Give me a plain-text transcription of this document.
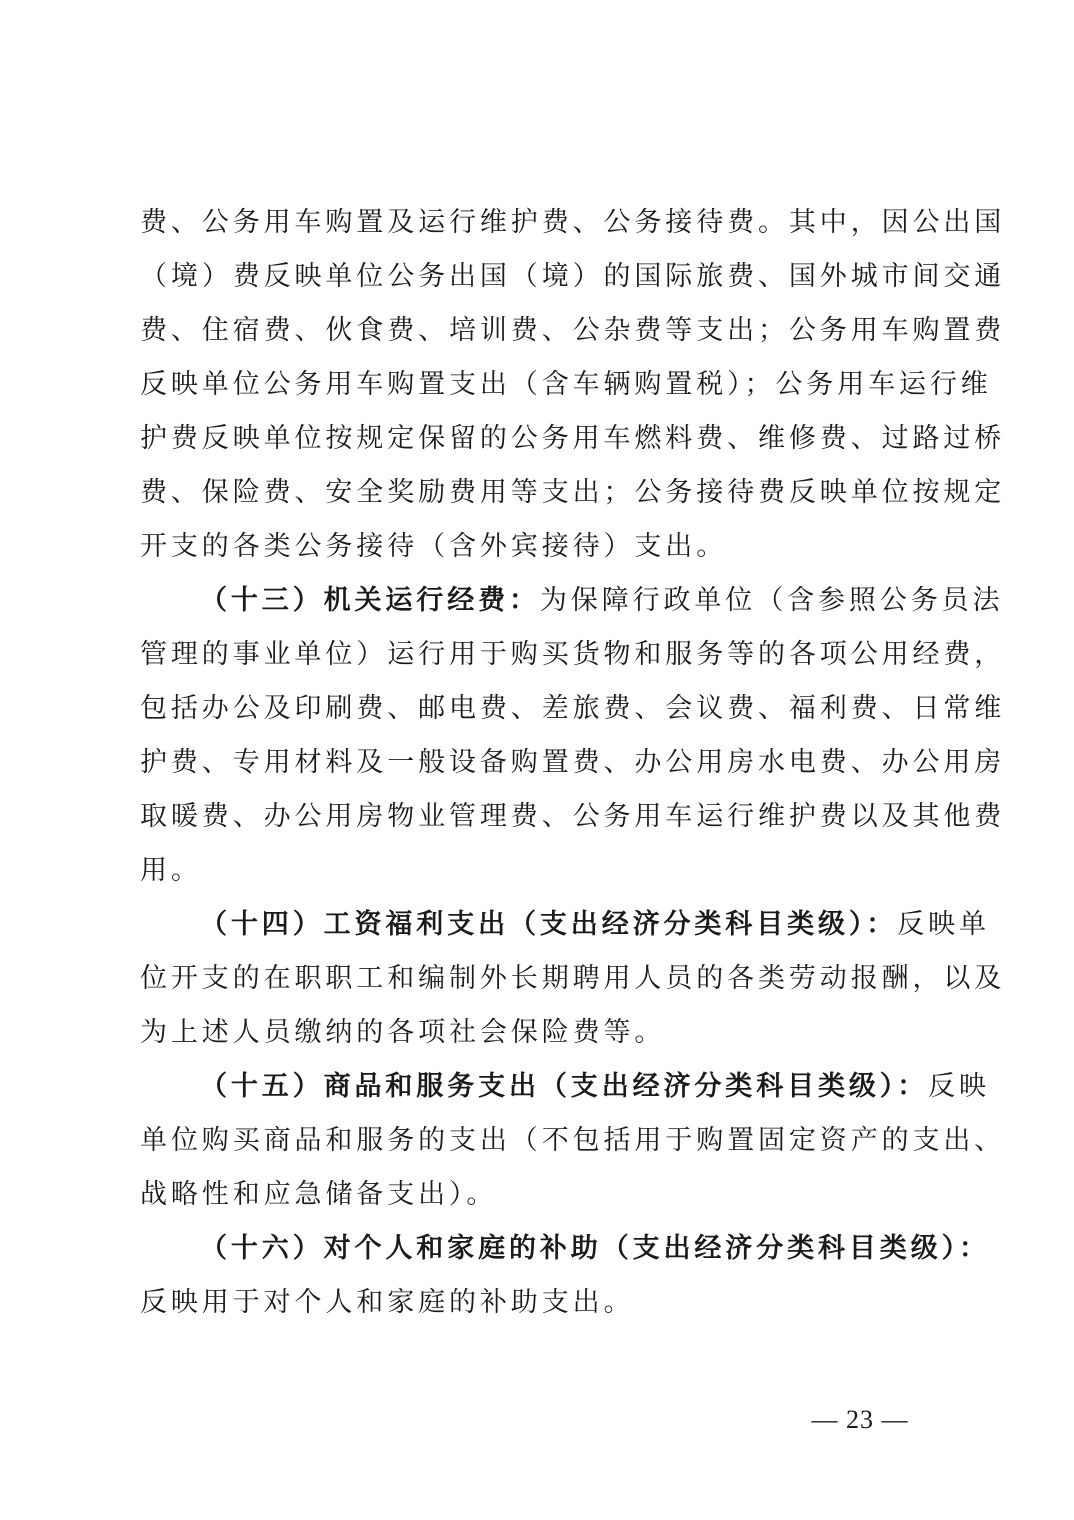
费、公务用车购置及运行维护费、公务接待费。其中，因公出国
（境）费反映单位公务出国（境）的国际旅费、国外城市间交通
费、住宿费、伙食费、培训费、公杂费等支出；公务用车购置费
反映单位公务用车购置支出（含车辆购置税）；公务用车运行维
护费反映单位按规定保留的公务用车燃料费、维修费、过路过桥
费、保险费、安全奖励费用等支出；公务接待费反映单位按规定
开支的各类公务接待（含外宾接待）支出。
（十三）机关运行经费：为保障行政单位（含参照公务员法
管理的事业单位）运行用于购买货物和服务等的各项公用经费，
包括办公及印刷费、邮电费、差旅费、会议费、福利费、日常维
护费、专用材料及一般设备购置费、办公用房水电费、办公用房
取暖费、办公用房物业管理费、公务用车运行维护费以及其他费
用。
（十四）工资福利支出（支出经济分类科目类级）：反映单
位开支的在职职工和编制外长期聘用人员的各类劳动报酬，以及
为上述人员缴纳的各项社会保险费等。
（十五）商品和服务支出（支出经济分类科目类级）：反映
单位购买商品和服务的支出（不包括用于购置固定资产的支出、
战略性和应急储备支出）。
（十六）对个人和家庭的补助（支出经济分类科目类级）：
反映用于对个人和家庭的补助支出。
— 23 —
